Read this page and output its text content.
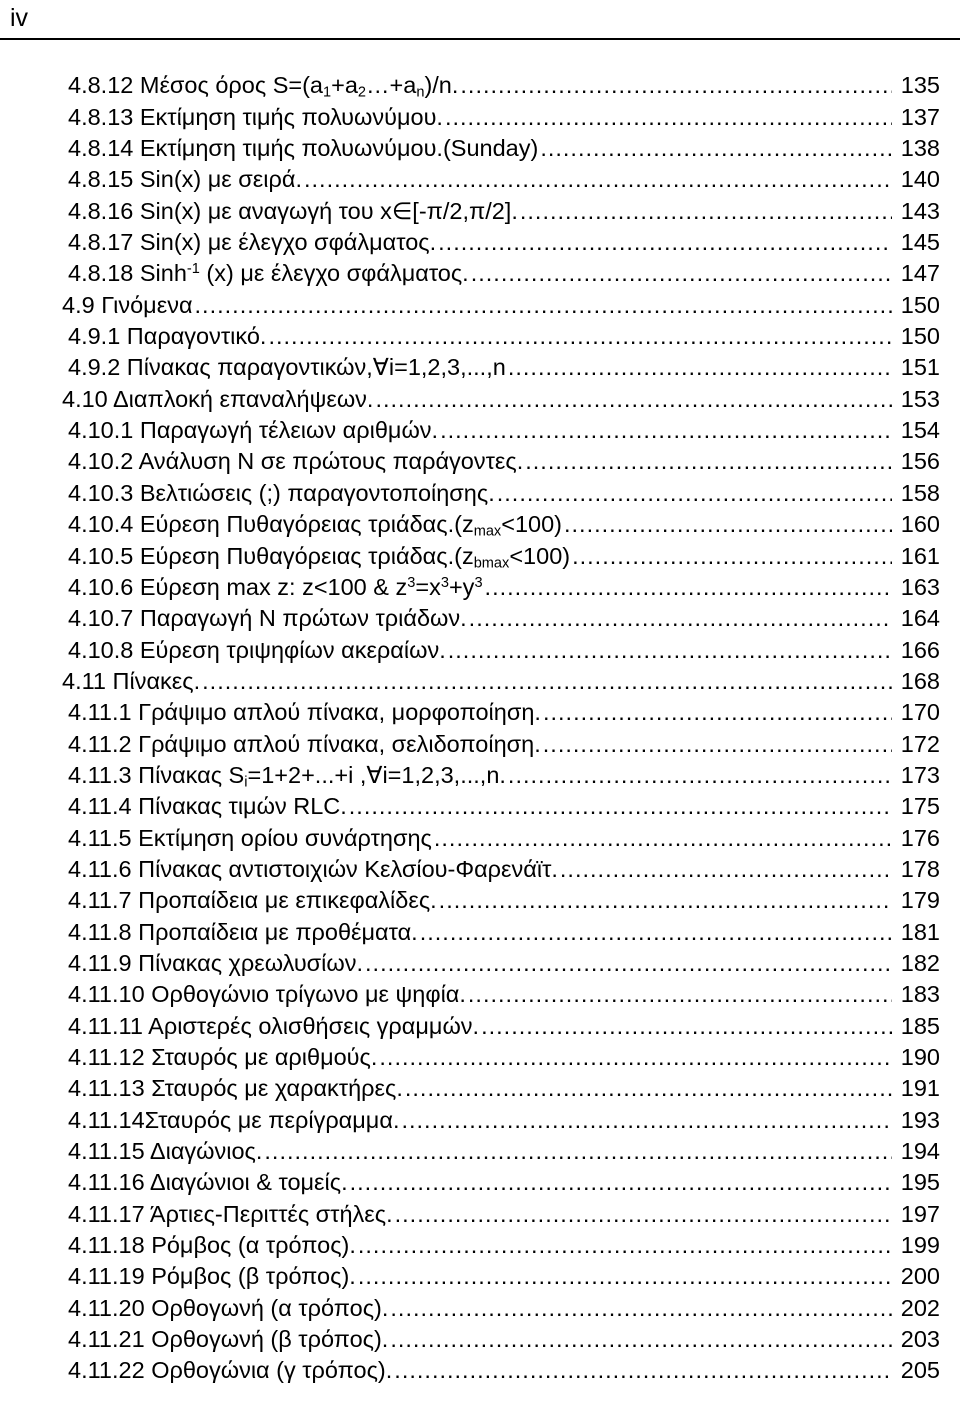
iv
4.8.12 Μέσος όρος $S=(a_1+a_2\dots+a_n)/n$. .....	135
4.8.13 Εκτίμηση τιμής πολυωνύμου. .....	137
4.8.14 Εκτίμηση τιμής πολυωνύμου.(Sunday) .....	138
4.8.15 Sin(x) με σειρά. .....	140
4.8.16 Sin(x) με αναγωγή του x∈[-π/2,π/2]. .....	143
4.8.17 Sin(x) με έλεγχο σφάλματος. .....	145
4.8.18 Sinh$^{-1}$ (x) με έλεγχο σφάλματος. .....	147
4.9 Γινόμενα .....	150
4.9.1 Παραγοντικό. .....	150
4.9.2 Πίνακας παραγοντικών,∀i=1,2,3,...,n .....	151
4.10 Διαπλοκή επαναλήψεων. .....	153
4.10.1 Παραγωγή τέλειων αριθμών. .....	154
4.10.2 Ανάλυση Ν σε πρώτους παράγοντες. .....	156
4.10.3 Βελτιώσεις (;) παραγοντοποίησης. .....	158
4.10.4 Εύρεση Πυθαγόρειας $\tau\rho\iota ά\delta\alpha\varsigma.(z_{max}<100)$ .....	160
4.10.5 Εύρεση Πυθαγόρειας $\tau\rho\iota ά\delta\alpha\varsigma.(z_{bmax}<100)$ .....	161
4.10.6 Εύρεση max z: z<100 & $z^3=x^3+y^3$ .....	163
4.10.7 Παραγωγή Ν πρώτων τριάδων. .....	164
4.10.8 Εύρεση τριψηφίων ακεραίων. .....	166
4.11 Πίνακες. .....	168
4.11.1 Γράψιμο απλού πίνακα, μορφοποίηση. .....	170
4.11.2 Γράψιμο απλού πίνακα, σελιδοποίηση. .....	172
4.11.3 Πίνακας $S_i=1+2+...+i$ ,∀i=1,2,3,...,n. .....	173
4.11.4 Πίνακας τιμών RLC. .....	175
4.11.5 Εκτίμηση ορίου συνάρτησης .....	176
4.11.6 Πίνακας αντιστοιχιών Κελσίου-Φαρενάϊτ. .....	178
4.11.7 Προπαίδεια με επικεφαλίδες. .....	179
4.11.8 Προπαίδεια με προθέματα. .....	181
4.11.9 Πίνακας χρεωλυσίων. .....	182
4.11.10 Ορθογώνιο τρίγωνο με ψηφία. .....	183
4.11.11 Αριστερές ολισθήσεις γραμμών. .....	185
4.11.12 Σταυρός με αριθμούς. .....	190
4.11.13 Σταυρός με χαρακτήρες. .....	191
4.11.14Σταυρός με περίγραμμα. .....	193
4.11.15 Διαγώνιος. .....	194
4.11.16 Διαγώνιοι & τομείς. .....	195
4.11.17 Άρτιες-Περιττές στήλες. .....	197
4.11.18 Ρόμβος (α τρόπος). .....	199
4.11.19 Ρόμβος (β τρόπος). .....	200
4.11.20 Ορθογωνή (α τρόπος). .....	202
4.11.21 Ορθογωνή (β τρόπος). .....	203
4.11.22 Ορθογώνια (γ τρόπος). .....	205
